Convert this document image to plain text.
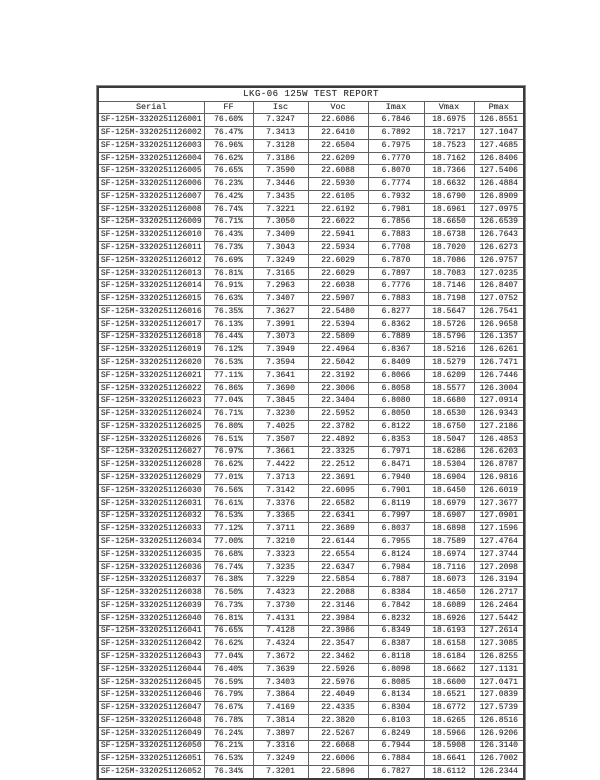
LKG-06 125W TEST REPORT						
Serial	FF	Isc	Voc	Imax	Vmax	Pmax
SF-125M-3320251126001	76.60%	7.3247	22.6086	6.7846	18.6975	126.8551
SF-125M-3320251126002	76.47%	7.3413	22.6410	6.7892	18.7217	127.1047
SF-125M-3320251126003	76.96%	7.3128	22.6504	6.7975	18.7523	127.4685
SF-125M-3320251126004	76.62%	7.3186	22.6209	6.7770	18.7162	126.8406
SF-125M-3320251126005	76.65%	7.3590	22.6088	6.8070	18.7366	127.5406
SF-125M-3320251126006	76.23%	7.3446	22.5930	6.7774	18.6632	126.4884
SF-125M-3320251126007	76.42%	7.3435	22.6105	6.7932	18.6790	126.8909
SF-125M-3320251126008	76.74%	7.3221	22.6192	6.7981	18.6961	127.0975
SF-125M-3320251126009	76.71%	7.3050	22.6022	6.7856	18.6650	126.6539
SF-125M-3320251126010	76.43%	7.3409	22.5941	6.7883	18.6738	126.7643
SF-125M-3320251126011	76.73%	7.3043	22.5934	6.7708	18.7020	126.6273
SF-125M-3320251126012	76.69%	7.3249	22.6029	6.7870	18.7086	126.9757
SF-125M-3320251126013	76.81%	7.3165	22.6029	6.7897	18.7083	127.0235
SF-125M-3320251126014	76.91%	7.2963	22.6038	6.7776	18.7146	126.8407
SF-125M-3320251126015	76.63%	7.3407	22.5907	6.7883	18.7198	127.0752
SF-125M-3320251126016	76.35%	7.3627	22.5480	6.8277	18.5647	126.7541
SF-125M-3320251126017	76.13%	7.3991	22.5394	6.8362	18.5726	126.9658
SF-125M-3320251126018	76.44%	7.3073	22.5809	6.7889	18.5796	126.1357
SF-125M-3320251126019	76.12%	7.3949	22.4964	6.8367	18.5216	126.6261
SF-125M-3320251126020	76.53%	7.3594	22.5042	6.8409	18.5279	126.7471
SF-125M-3320251126021	77.11%	7.3641	22.3192	6.8066	18.6209	126.7446
SF-125M-3320251126022	76.86%	7.3690	22.3006	6.8058	18.5577	126.3004
SF-125M-3320251126023	77.04%	7.3845	22.3404	6.8080	18.6680	127.0914
SF-125M-3320251126024	76.71%	7.3230	22.5952	6.8050	18.6530	126.9343
SF-125M-3320251126025	76.80%	7.4025	22.3782	6.8122	18.6750	127.2186
SF-125M-3320251126026	76.51%	7.3507	22.4892	6.8353	18.5047	126.4853
SF-125M-3320251126027	76.97%	7.3661	22.3325	6.7971	18.6286	126.6203
SF-125M-3320251126028	76.62%	7.4422	22.2512	6.8471	18.5304	126.8787
SF-125M-3320251126029	77.01%	7.3713	22.3691	6.7940	18.6904	126.9816
SF-125M-3320251126030	76.56%	7.3142	22.6095	6.7901	18.6450	126.6019
SF-125M-3320251126031	76.61%	7.3376	22.6582	6.8119	18.6979	127.3677
SF-125M-3320251126032	76.53%	7.3365	22.6341	6.7997	18.6907	127.0901
SF-125M-3320251126033	77.12%	7.3711	22.3689	6.8037	18.6898	127.1596
SF-125M-3320251126034	77.00%	7.3210	22.6144	6.7955	18.7589	127.4764
SF-125M-3320251126035	76.68%	7.3323	22.6554	6.8124	18.6974	127.3744
SF-125M-3320251126036	76.74%	7.3235	22.6347	6.7984	18.7116	127.2098
SF-125M-3320251126037	76.38%	7.3229	22.5854	6.7887	18.6073	126.3194
SF-125M-3320251126038	76.50%	7.4323	22.2088	6.8384	18.4650	126.2717
SF-125M-3320251126039	76.73%	7.3730	22.3146	6.7842	18.6089	126.2464
SF-125M-3320251126040	76.81%	7.4131	22.3984	6.8232	18.6926	127.5442
SF-125M-3320251126041	76.65%	7.4128	22.3986	6.8349	18.6193	127.2614
SF-125M-3320251126042	76.62%	7.4324	22.3547	6.8387	18.6158	127.3085
SF-125M-3320251126043	77.04%	7.3672	22.3462	6.8118	18.6184	126.8255
SF-125M-3320251126044	76.40%	7.3639	22.5926	6.8098	18.6662	127.1131
SF-125M-3320251126045	76.59%	7.3403	22.5976	6.8085	18.6600	127.0471
SF-125M-3320251126046	76.79%	7.3864	22.4049	6.8134	18.6521	127.0839
SF-125M-3320251126047	76.67%	7.4169	22.4335	6.8304	18.6772	127.5739
SF-125M-3320251126048	76.78%	7.3814	22.3820	6.8103	18.6265	126.8516
SF-125M-3320251126049	76.24%	7.3897	22.5267	6.8249	18.5966	126.9206
SF-125M-3320251126050	76.21%	7.3316	22.6068	6.7944	18.5908	126.3140
SF-125M-3320251126051	76.53%	7.3249	22.6006	6.7884	18.6641	126.7002
SF-125M-3320251126052	76.34%	7.3201	22.5896	6.7827	18.6112	126.2344
